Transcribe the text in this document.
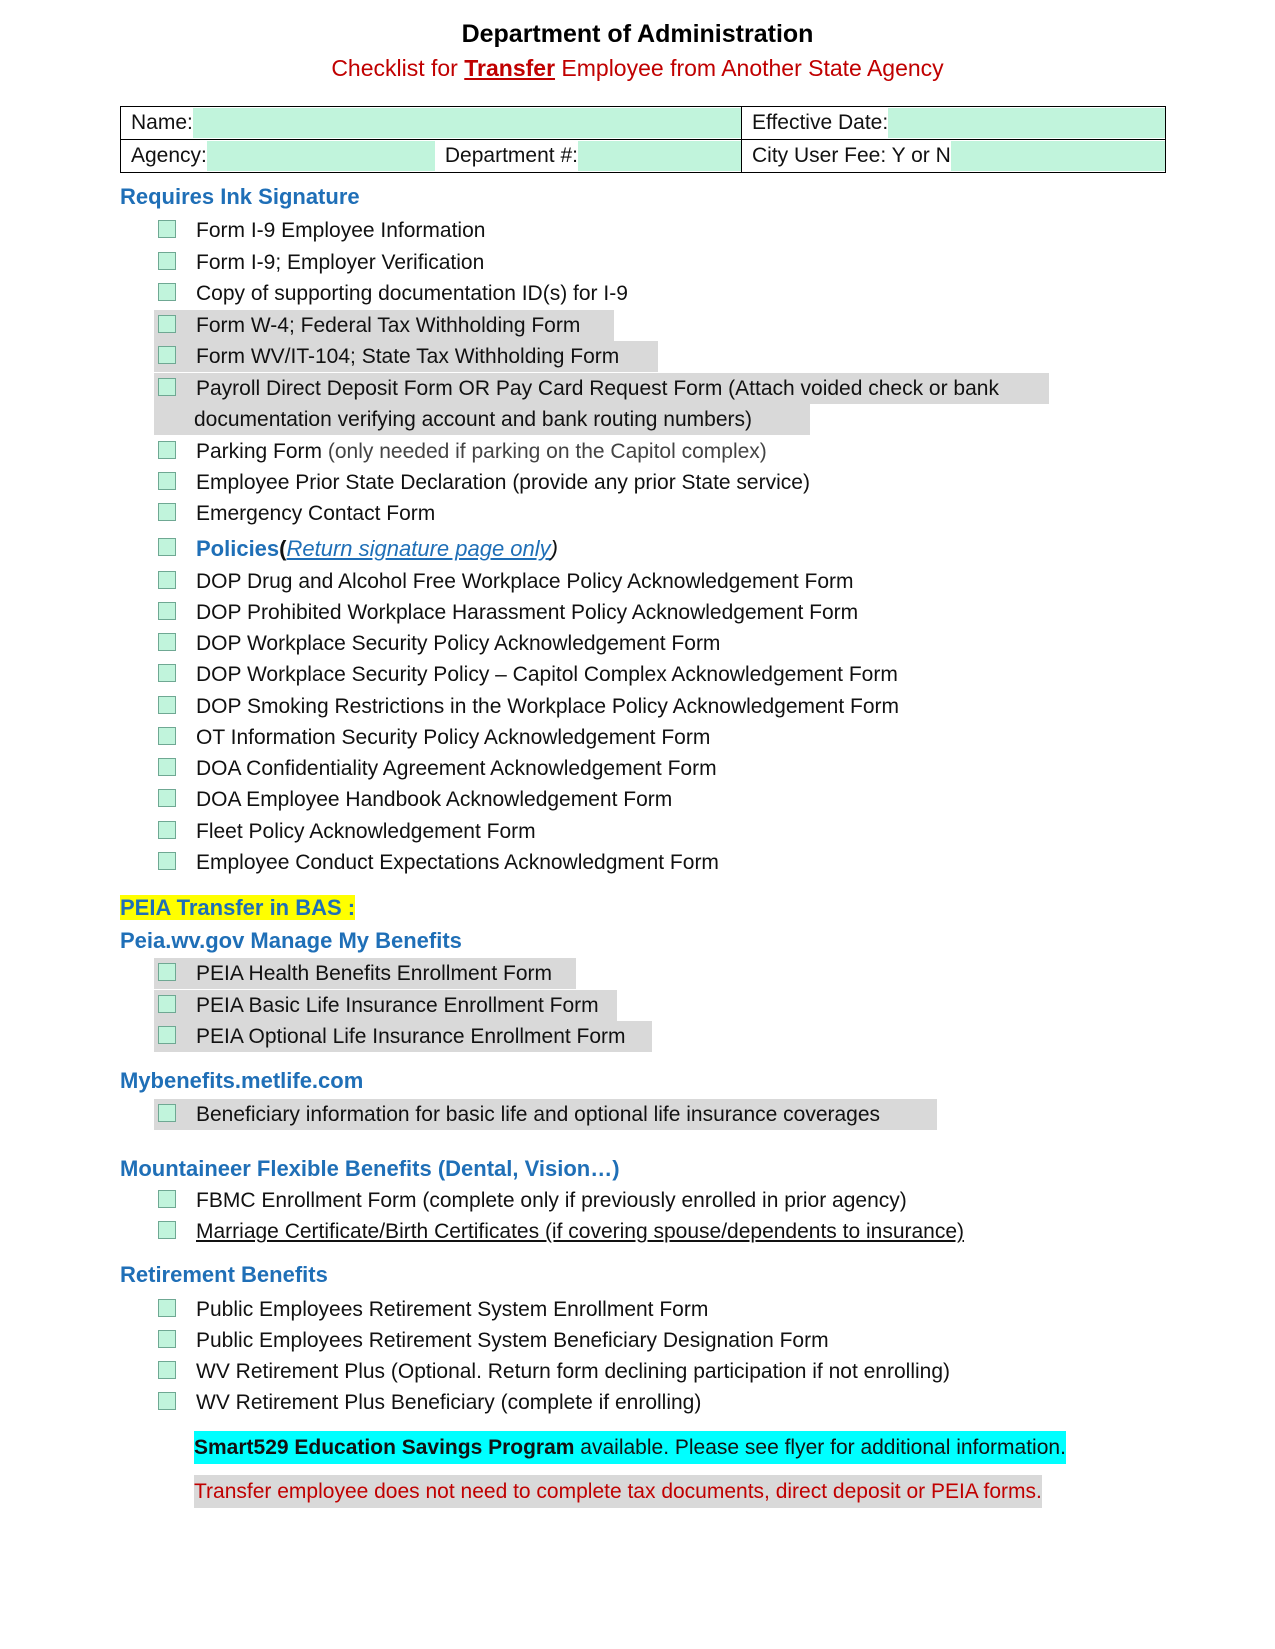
Department of Administration
Checklist for Transfer Employee from Another State Agency
Name:	Effective Date:

Agency: Department #:	City User Fee: Y or N
Requires Ink Signature
Form I-9 Employee Information
Form I-9; Employer Verification
Copy of supporting documentation ID(s) for I-9
Form W-4; Federal Tax Withholding Form
Form WV/IT-104; State Tax Withholding Form
Payroll Direct Deposit Form OR Pay Card Request Form (Attach voided check or bank
documentation verifying account and bank routing numbers)
Parking Form (only needed if parking on the Capitol complex)
Employee Prior State Declaration (provide any prior State service)
Emergency Contact Form
Policies(Return signature page only)
DOP Drug and Alcohol Free Workplace Policy Acknowledgement Form
DOP Prohibited Workplace Harassment Policy Acknowledgement Form
DOP Workplace Security Policy Acknowledgement Form
DOP Workplace Security Policy – Capitol Complex Acknowledgement Form
DOP Smoking Restrictions in the Workplace Policy Acknowledgement Form
OT Information Security Policy Acknowledgement Form
DOA Confidentiality Agreement Acknowledgement Form
DOA Employee Handbook Acknowledgement Form
Fleet Policy Acknowledgement Form
Employee Conduct Expectations Acknowledgment Form
PEIA Transfer in BAS :
Peia.wv.gov Manage My Benefits
PEIA Health Benefits Enrollment Form
PEIA Basic Life Insurance Enrollment Form
PEIA Optional Life Insurance Enrollment Form
Mybenefits.metlife.com
Beneficiary information for basic life and optional life insurance coverages
Mountaineer Flexible Benefits (Dental, Vision…)
FBMC Enrollment Form (complete only if previously enrolled in prior agency)
Marriage Certificate/Birth Certificates (if covering spouse/dependents to insurance)
Retirement Benefits
Public Employees Retirement System Enrollment Form
Public Employees Retirement System Beneficiary Designation Form
WV Retirement Plus (Optional. Return form declining participation if not enrolling)
WV Retirement Plus Beneficiary (complete if enrolling)
Smart529 Education Savings Program available. Please see flyer for additional information.
Transfer employee does not need to complete tax documents, direct deposit or PEIA forms.
